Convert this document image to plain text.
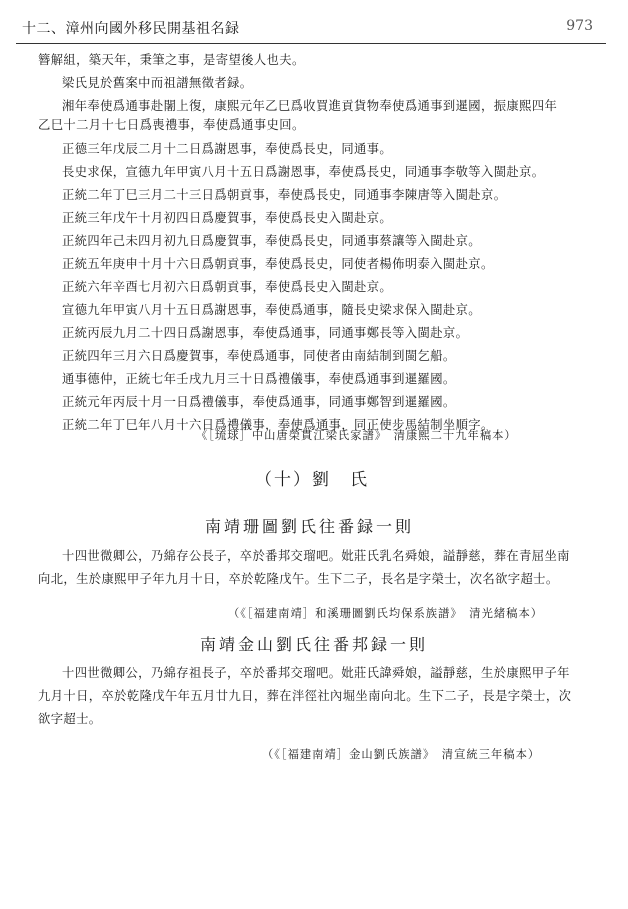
十二、漳州向國外移民開基祖名録	973
簪解組，築天年，秉筆之事，是寄望後人也夫。
梁氏見於舊案中而祖譜無徵者録。
湘年奉使爲通事赴闍上復，康熙元年乙巳爲收買進貢貨物奉使爲通事到暹國，振康熙四年
乙巳十二月十七日爲喪禮事，奉使爲通事史回。
正德三年戊辰二月十二日爲謝恩事，奉使爲長史，同通事。
長史求保，宣德九年甲寅八月十五日爲謝恩事，奉使爲長史，同通事李敬等入閩赴京。
正統二年丁巳三月二十三日爲朝貢事，奉使爲長史，同通事李陳唐等入閩赴京。
正統三年戊午十月初四日爲慶賀事，奉使爲長史入閩赴京。
正統四年己未四月初九日爲慶賀事，奉使爲長史，同通事蔡讓等入閩赴京。
正統五年庚申十月十六日爲朝貢事，奉使爲長史，同使者楊佈明泰入閩赴京。
正統六年辛酉七月初六日爲朝貢事，奉使爲長史入閩赴京。
宣德九年甲寅八月十五日爲謝恩事，奉使爲通事，隨長史梁求保入閩赴京。
正統丙辰九月二十四日爲謝恩事，奉使爲通事，同通事鄭長等入閩赴京。
正統四年三月六日爲慶賀事，奉使爲通事，同使者由南結制到閩乞船。
通事德仲，正統七年壬戌九月三十日爲禮儀事，奉使爲通事到暹羅國。
正統元年丙辰十月一日爲禮儀事，奉使爲通事，同通事鄭智到暹羅國。
正統二年丁巳年八月十六日爲禮儀事，奉使爲通事，同正使步馬結制坐順字。
《［琉球］中山唐榮貫江梁氏家譜》　清康熙二十九年稿本）
（十）劉　氏
南靖珊圖劉氏往番録一則
十四世微卿公，乃綿存公長子，卒於番邦交瑠吧。妣莊氏乳名舜娘，謚靜慈，葬在青屈坐南
向北，生於康熙甲子年九月十日，卒於乾隆戊午。生下二子，長名是字榮士，次名欲字超士。
（《［福建南靖］和溪珊圖劉氏均保系族譜》　清光緒稿本）
南靖金山劉氏往番邦録一則
十四世微卿公，乃綿存祖長子，卒於番邦交瑠吧。妣莊氏諱舜娘，謚靜慈，生於康熙甲子年
九月十日，卒於乾隆戊午年五月廿九日，葬在泮徑社內堀坐南向北。生下二子，長是字榮士，次
欲字超士。
（《［福建南靖］金山劉氏族譜》　清宣統三年稿本）
